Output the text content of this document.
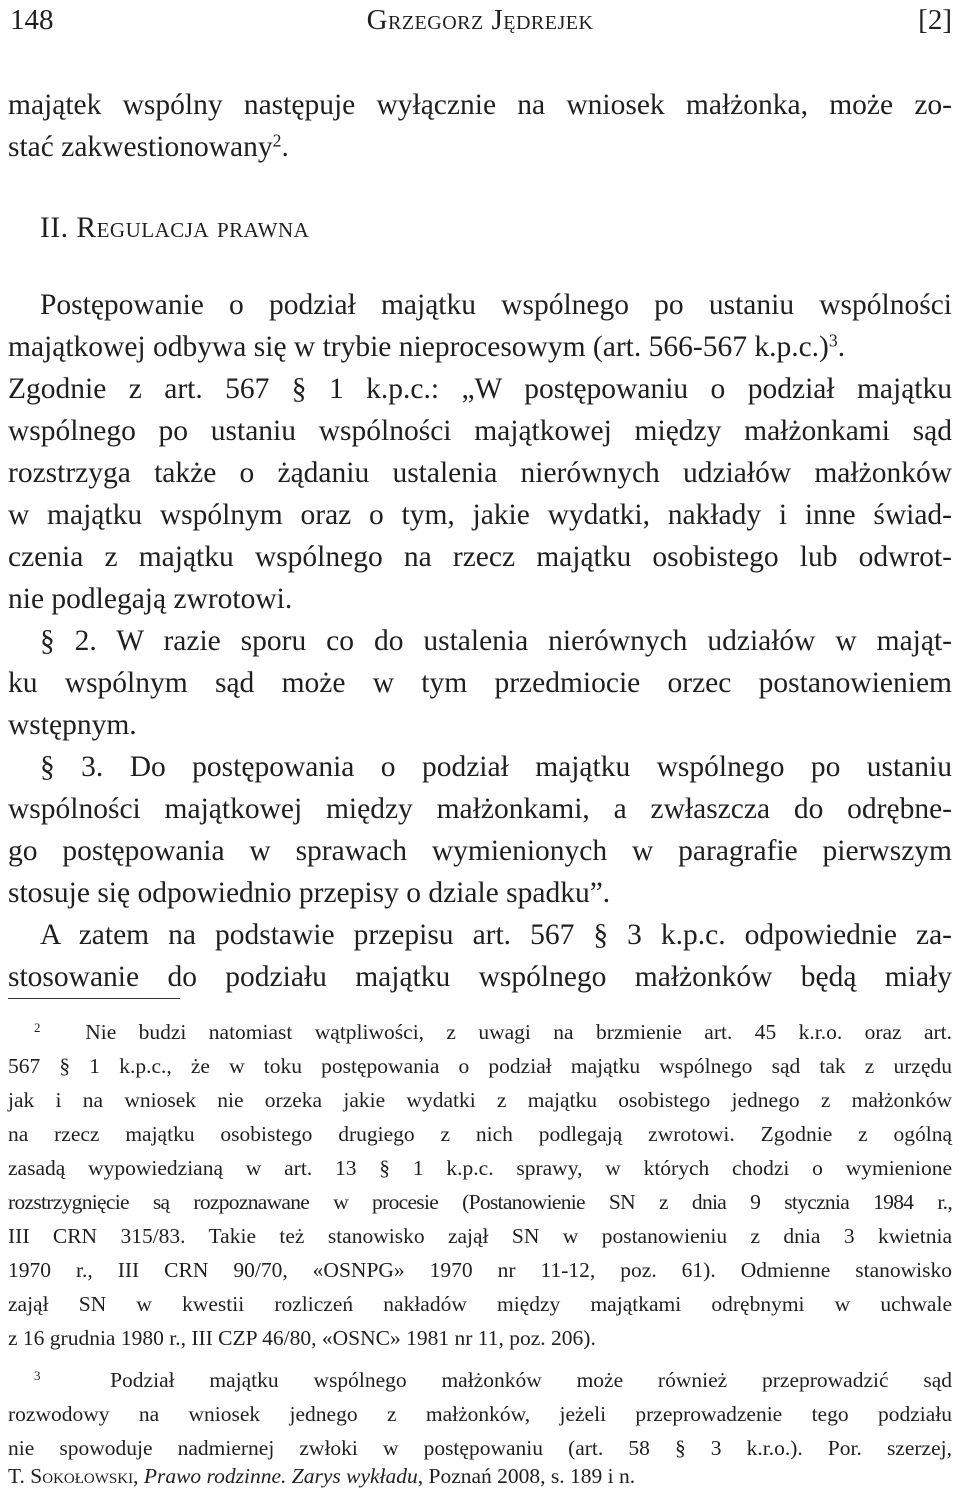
148	Grzegorz Jędrejek	[2]
majątek wspólny następuje wyłącznie na wniosek małżonka, może zo-
stać zakwestionowany$^2$.
II. Regulacja prawna
Postępowanie o podział majątku wspólnego po ustaniu wspólności
majątkowej odbywa się w trybie nieprocesowym (art. 566-567 k.p.c.)$^3$.
Zgodnie z art. 567 § 1 k.p.c.: „W postępowaniu o podział majątku
wspólnego po ustaniu wspólności majątkowej między małżonkami sąd
rozstrzyga także o żądaniu ustalenia nierównych udziałów małżonków
w majątku wspólnym oraz o tym, jakie wydatki, nakłady i inne świad-
czenia z majątku wspólnego na rzecz majątku osobistego lub odwrot-
nie podlegają zwrotowi.
§ 2. W razie sporu co do ustalenia nierównych udziałów w mająt-
ku wspólnym sąd może w tym przedmiocie orzec postanowieniem
wstępnym.
§ 3. Do postępowania o podział majątku wspólnego po ustaniu
wspólności majątkowej między małżonkami, a zwłaszcza do odrębne-
go postępowania w sprawach wymienionych w paragrafie pierwszym
stosuje się odpowiednio przepisy o dziale spadku”.
A zatem na podstawie przepisu art. 567 § 3 k.p.c. odpowiednie za-
stosowanie do podziału majątku wspólnego małżonków będą miały
$^2$ Nie budzi natomiast wątpliwości, z uwagi na brzmienie art. 45 k.r.o. oraz art.
567 § 1 k.p.c., że w toku postępowania o podział majątku wspólnego sąd tak z urzędu
jak i na wniosek nie orzeka jakie wydatki z majątku osobistego jednego z małżonków
na rzecz majątku osobistego drugiego z nich podlegają zwrotowi. Zgodnie z ogólną
zasadą wypowiedzianą w art. 13 § 1 k.p.c. sprawy, w których chodzi o wymienione
rozstrzygnięcie są rozpoznawane w procesie (Postanowienie SN z dnia 9 stycznia 1984 r.,
III CRN 315/83. Takie też stanowisko zajął SN w postanowieniu z dnia 3 kwietnia
1970 r., III CRN 90/70, «OSNPG» 1970 nr 11-12, poz. 61). Odmienne stanowisko
zajął SN w kwestii rozliczeń nakładów między majątkami odrębnymi w uchwale
z 16 grudnia 1980 r., III CZP 46/80, «OSNC» 1981 nr 11, poz. 206).
$^3$	Podział majątku wspólnego małżonków może również przeprowadzić sąd
rozwodowy na wniosek jednego z małżonków, jeżeli przeprowadzenie tego podziału
nie spowoduje nadmiernej zwłoki w postępowaniu (art. 58 § 3 k.r.o.). Por. szerzej,
T. Sokołowski, Prawo rodzinne. Zarys wykładu, Poznań 2008, s. 189 i n.
